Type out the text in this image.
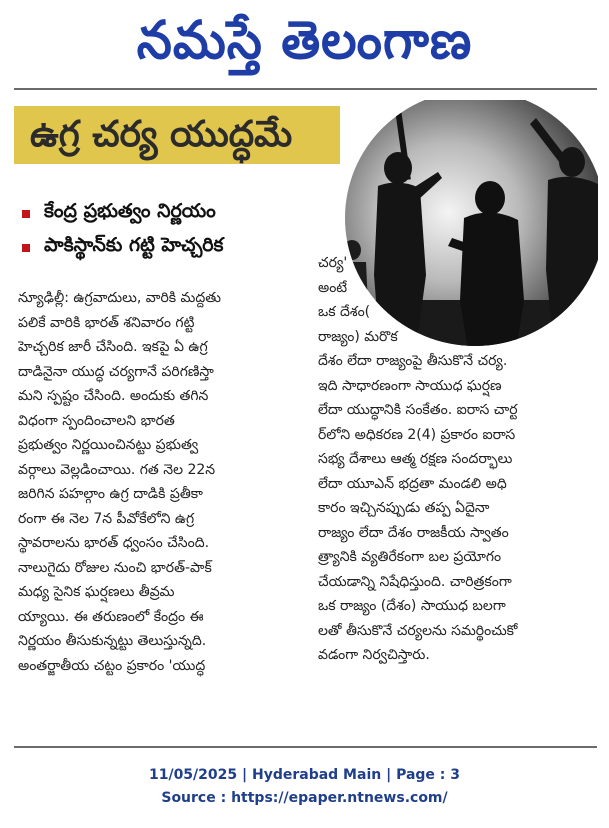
నమస్తే తెలంగాణ
ఉగ్ర చర్య యుద్ధమే
కేంద్ర ప్రభుత్వం నిర్ణయం
పాకిస్థాన్‌కు గట్టి హెచ్చరిక
న్యూఢిల్లీ: ఉగ్రవాదులు, వారికి మద్దతు
పలికే వారికి భారత్ శనివారం గట్టి
హెచ్చరిక జారీ చేసింది. ఇకపై ఏ ఉగ్ర
దాడినైనా యుద్ధ చర్యగానే పరిగణిస్తా
మని స్పష్టం చేసింది. అందుకు తగిన
విధంగా స్పందించాలని భారత
ప్రభుత్వం నిర్ణయించినట్టు ప్రభుత్వ
వర్గాలు వెల్లడించాయి. గత నెల 22న
జరిగిన పహల్గాం ఉగ్ర దాడికి ప్రతీకా
రంగా ఈ నెల 7న పీవోకేలోని ఉగ్ర
స్థావరాలను భారత్ ధ్వంసం చేసింది.
నాలుగైదు రోజుల నుంచి భారత్-పాక్
మధ్య సైనిక ఘర్షణలు తీవ్రమ
య్యాయి. ఈ తరుణంలో కేంద్రం ఈ
నిర్ణయం తీసుకున్నట్టు తెలుస్తున్నది.
అంతర్జాతీయ చట్టం ప్రకారం 'యుద్ధ
చర్య'
అంటే
ఒక దేశం(
రాజ్యం) మరొక
దేశం లేదా రాజ్యంపై తీసుకొనే చర్య.
ఇది సాధారణంగా సాయుధ ఘర్షణ
లేదా యుద్ధానికి సంకేతం. ఐరాస చార్ట
ర్‌లోని అధికరణ 2(4) ప్రకారం ఐరాస
సభ్య దేశాలు ఆత్మ రక్షణ సందర్భాలు
లేదా యూఎన్ భద్రతా మండలి అధి
కారం ఇచ్చినప్పుడు తప్ప ఏదైనా
రాజ్యం లేదా దేశం రాజకీయ స్వాతం
త్ర్యానికి వ్యతిరేకంగా బల ప్రయోగం
చేయడాన్ని నిషేధిస్తుంది. చారిత్రకంగా
ఒక రాజ్యం (దేశం) సాయుధ బలగా
లతో తీసుకొనే చర్యలను సమర్థించుకో
వడంగా నిర్వచిస్తారు.
11/05/2025 | Hyderabad Main | Page : 3
Source : https://epaper.ntnews.com/
